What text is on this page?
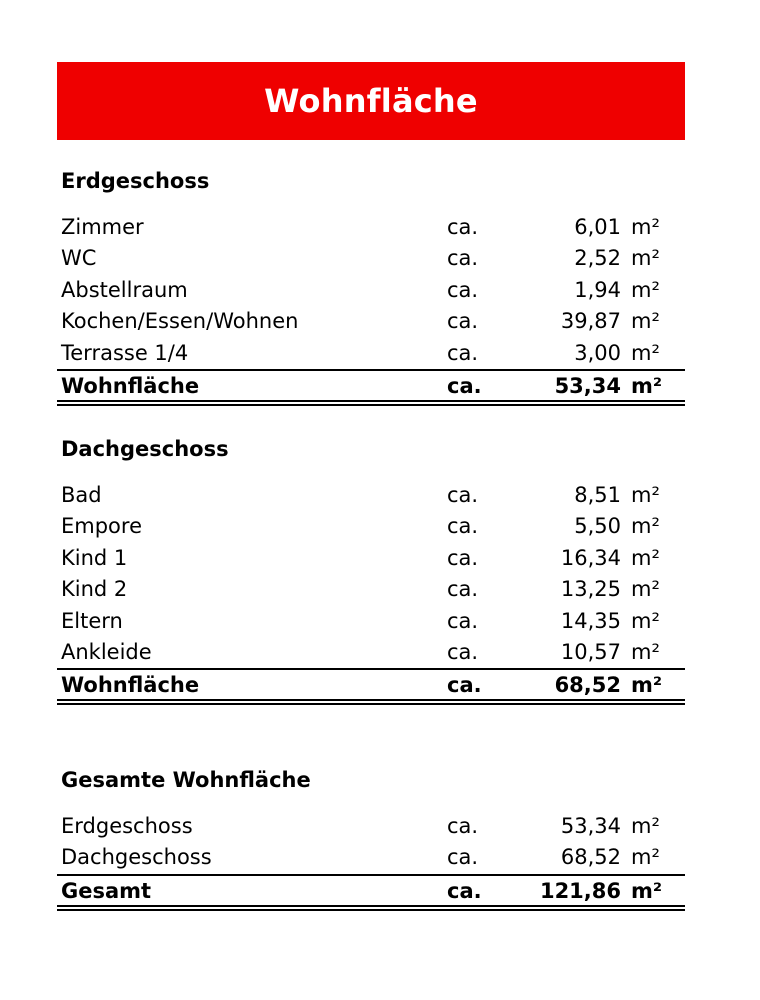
Wohnfläche
Erdgeschoss
Zimmer	ca.	6,01 m²
WC	ca.	2,52 m²
Abstellraum	ca.	1,94 m²
Kochen/Essen/Wohnen	ca.	39,87 m²
Terrasse 1/4	ca.	3,00 m²
Wohnfläche	ca.	53,34 m²
Dachgeschoss
Bad	ca.	8,51 m²
Empore	ca.	5,50 m²
Kind 1	ca.	16,34 m²
Kind 2	ca.	13,25 m²
Eltern	ca.	14,35 m²
Ankleide	ca.	10,57 m²
Wohnfläche	ca.	68,52 m²
Gesamte Wohnfläche
Erdgeschoss	ca.	53,34 m²
Dachgeschoss	ca.	68,52 m²
Gesamt	ca.	121,86 m²
